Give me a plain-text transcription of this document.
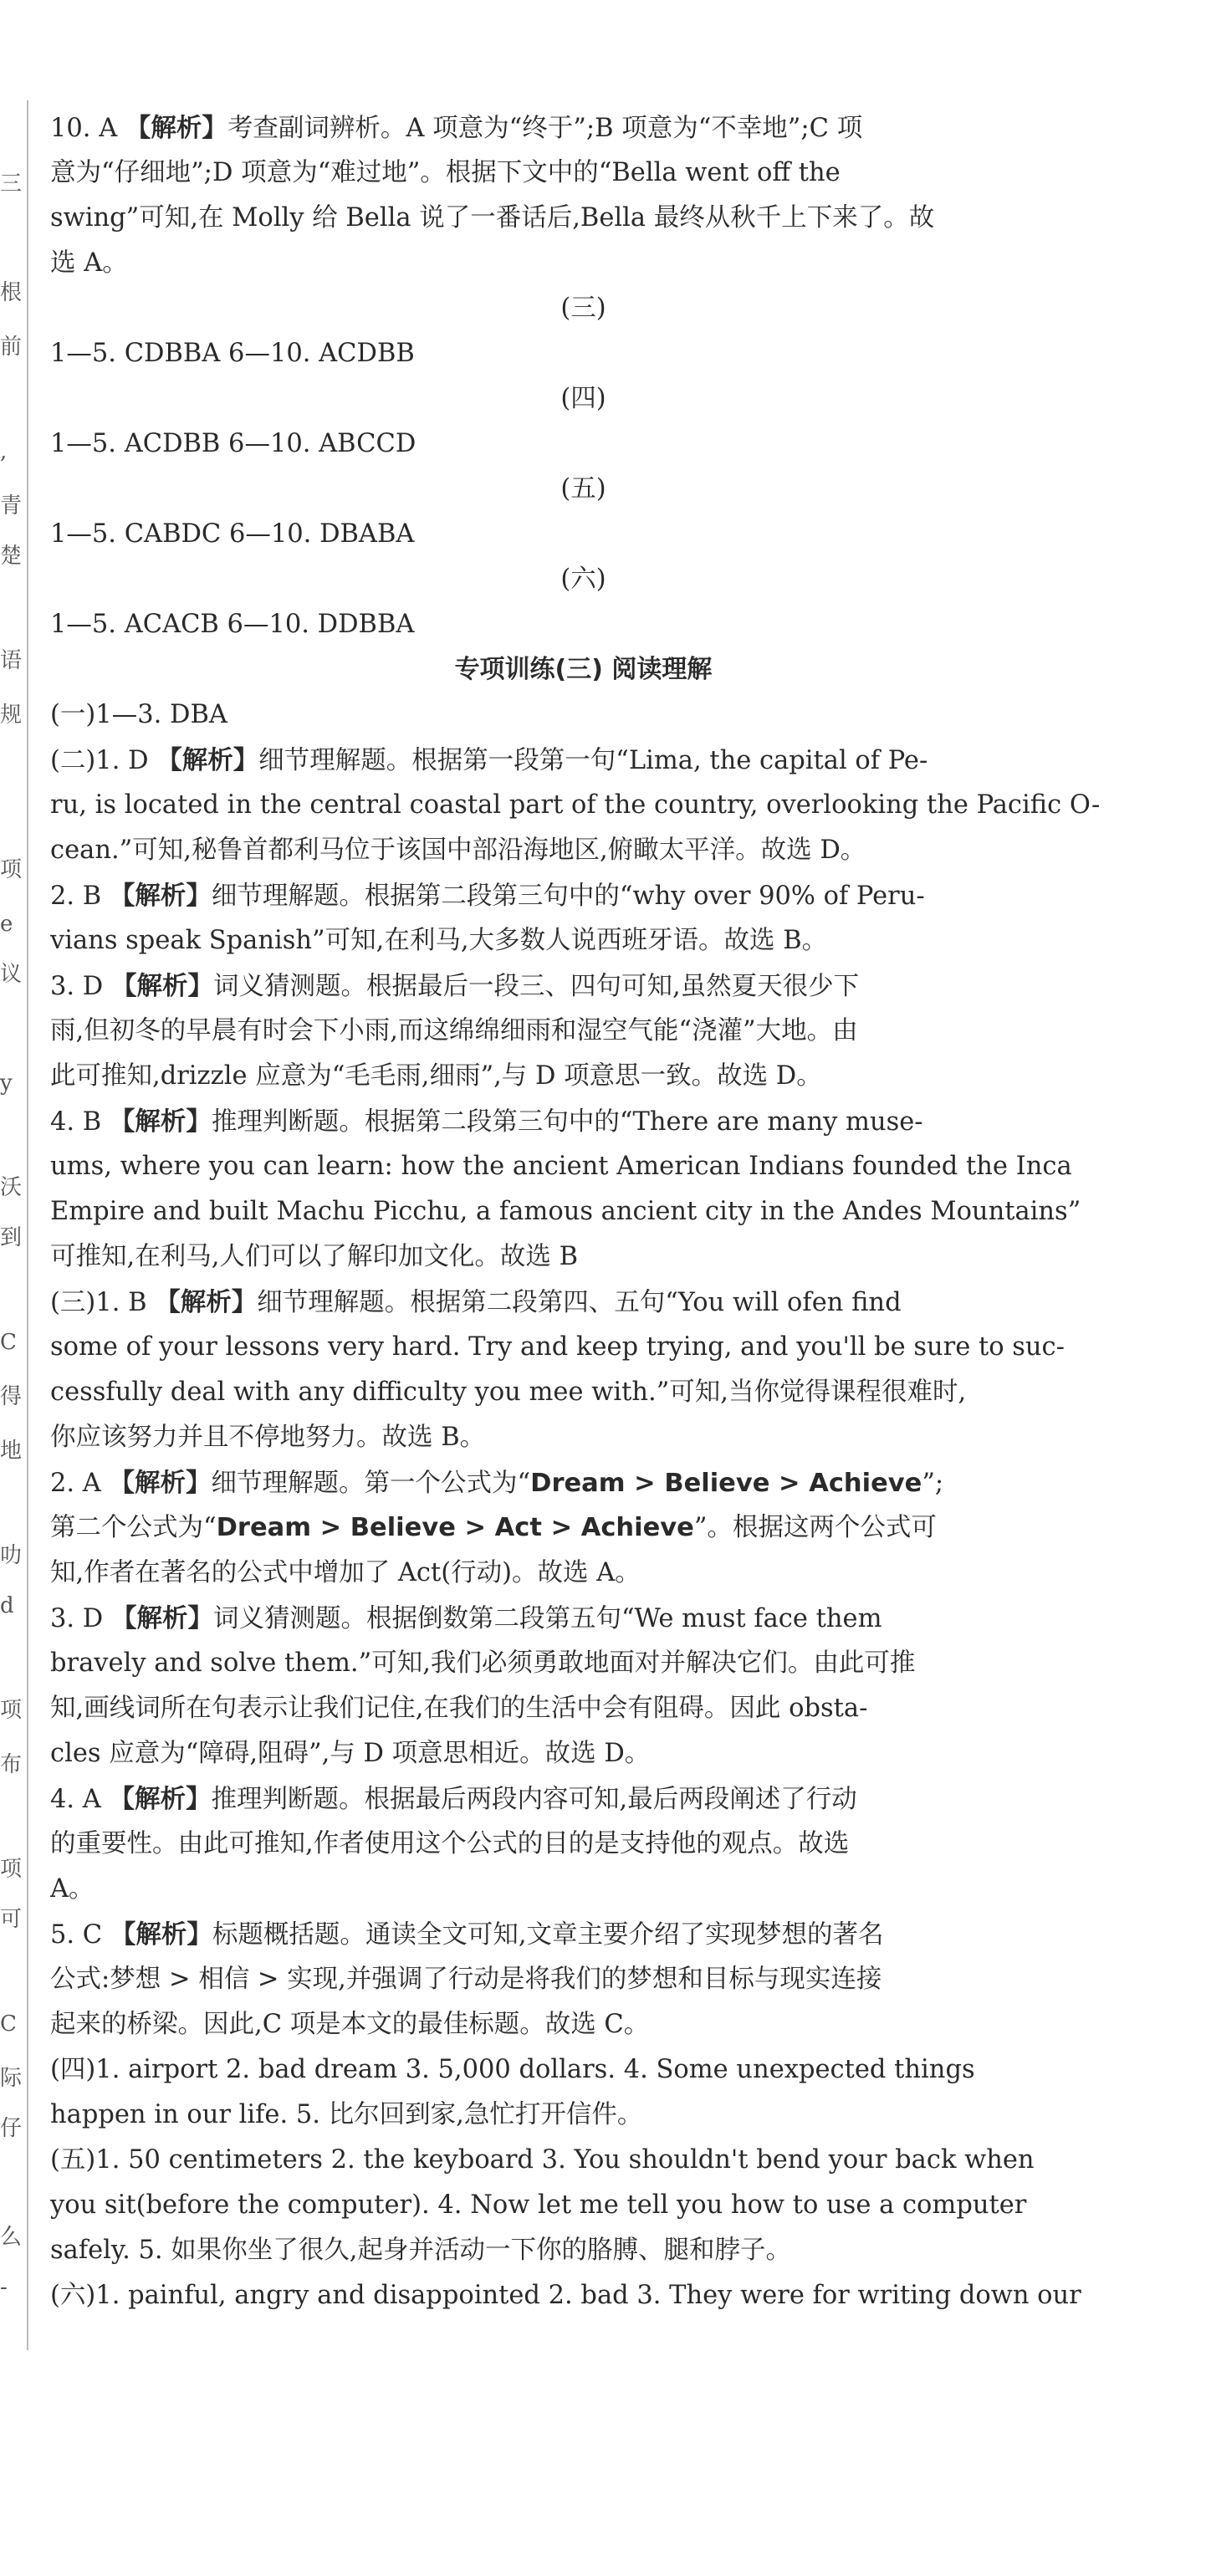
三
根
前
,
青
楚
语
规
项
e
议
y
沃
到
C
得
地
叻
d
项
布
项
可
C
际
仔
么
-
10. A 【解析】考查副词辨析。A 项意为“终于”;B 项意为“不幸地”;C 项
意为“仔细地”;D 项意为“难过地”。根据下文中的“Bella went off the
swing”可知,在 Molly 给 Bella 说了一番话后,Bella 最终从秋千上下来了。故
选 A。
(三)
1—5. CDBBA 6—10. ACDBB
(四)
1—5. ACDBB 6—10. ABCCD
(五)
1—5. CABDC 6—10. DBABA
(六)
1—5. ACACB 6—10. DDBBA
专项训练(三) 阅读理解
(一)1—3. DBA
(二)1. D 【解析】细节理解题。根据第一段第一句“Lima, the capital of Pe-
ru, is located in the central coastal part of the country, overlooking the Pacific O-
cean.”可知,秘鲁首都利马位于该国中部沿海地区,俯瞰太平洋。故选 D。
2. B 【解析】细节理解题。根据第二段第三句中的“why over 90% of Peru-
vians speak Spanish”可知,在利马,大多数人说西班牙语。故选 B。
3. D 【解析】词义猜测题。根据最后一段三、四句可知,虽然夏天很少下
雨,但初冬的早晨有时会下小雨,而这绵绵细雨和湿空气能“浇灌”大地。由
此可推知,drizzle 应意为“毛毛雨,细雨”,与 D 项意思一致。故选 D。
4. B 【解析】推理判断题。根据第二段第三句中的“There are many muse-
ums, where you can learn: how the ancient American Indians founded the Inca
Empire and built Machu Picchu, a famous ancient city in the Andes Mountains”
可推知,在利马,人们可以了解印加文化。故选 B
(三)1. B 【解析】细节理解题。根据第二段第四、五句“You will ofen find
some of your lessons very hard. Try and keep trying, and you'll be sure to suc-
cessfully deal with any difficulty you mee with.”可知,当你觉得课程很难时,
你应该努力并且不停地努力。故选 B。
2. A 【解析】细节理解题。第一个公式为“Dream > Believe > Achieve”;
第二个公式为“Dream > Believe > Act > Achieve”。根据这两个公式可
知,作者在著名的公式中增加了 Act(行动)。故选 A。
3. D 【解析】词义猜测题。根据倒数第二段第五句“We must face them
bravely and solve them.”可知,我们必须勇敢地面对并解决它们。由此可推
知,画线词所在句表示让我们记住,在我们的生活中会有阻碍。因此 obsta-
cles 应意为“障碍,阻碍”,与 D 项意思相近。故选 D。
4. A 【解析】推理判断题。根据最后两段内容可知,最后两段阐述了行动
的重要性。由此可推知,作者使用这个公式的目的是支持他的观点。故选
A。
5. C 【解析】标题概括题。通读全文可知,文章主要介绍了实现梦想的著名
公式:梦想 > 相信 > 实现,并强调了行动是将我们的梦想和目标与现实连接
起来的桥梁。因此,C 项是本文的最佳标题。故选 C。
(四)1. airport 2. bad dream 3. 5,000 dollars. 4. Some unexpected things
happen in our life. 5. 比尔回到家,急忙打开信件。
(五)1. 50 centimeters 2. the keyboard 3. You shouldn't bend your back when
you sit(before the computer). 4. Now let me tell you how to use a computer
safely. 5. 如果你坐了很久,起身并活动一下你的胳膊、腿和脖子。
(六)1. painful, angry and disappointed 2. bad 3. They were for writing down our
